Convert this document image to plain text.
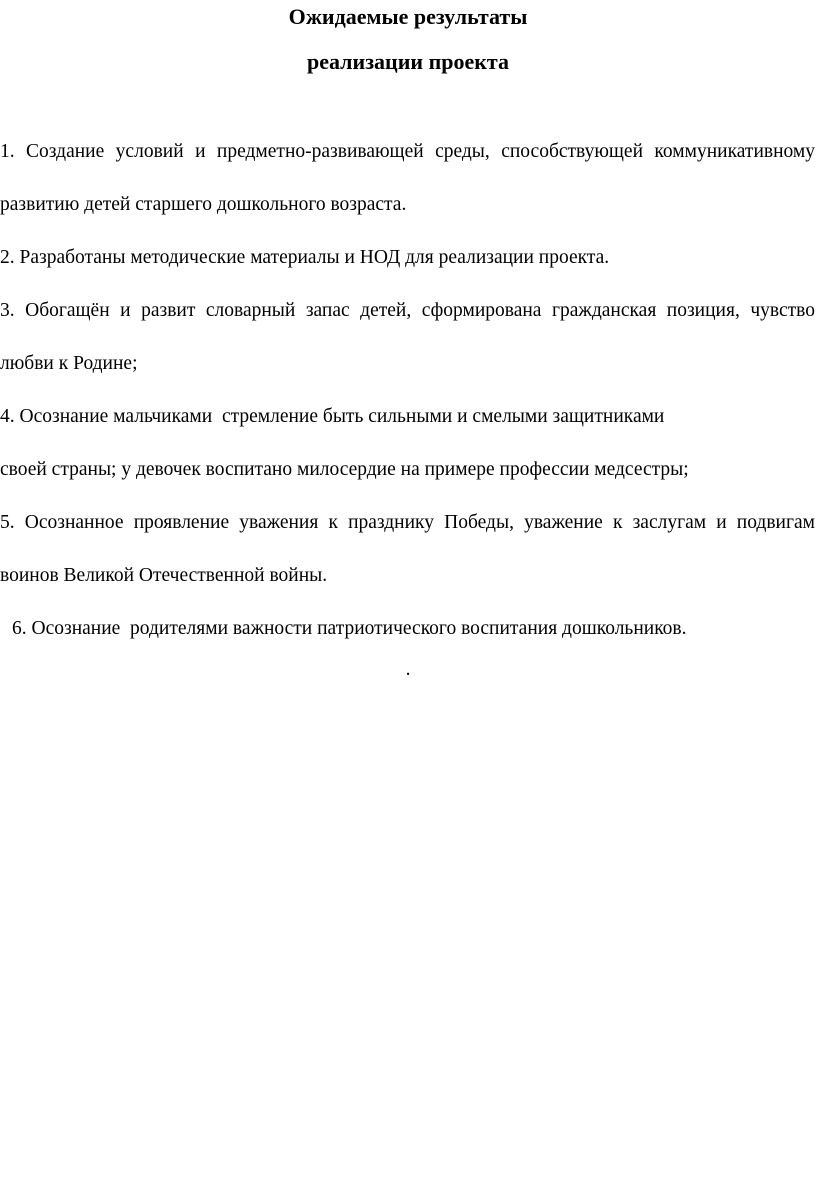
Ожидаемые результаты
реализации проекта

1. Создание условий и предметно-развивающей среды, способствующей коммуникативному развитию детей старшего дошкольного возраста.

2. Разработаны методические материалы и НОД для реализации проекта.

3. Обогащён и развит словарный запас детей, сформирована гражданская позиция, чувство любви к Родине;

4. Осознание мальчиками  стремление быть сильными и смелыми защитниками

своей страны; у девочек воспитано милосердие на примере профессии медсестры;

5. Осознанное проявление уважения к празднику Победы, уважение к заслугам и подвигам воинов Великой Отечественной войны.

6. Осознание  родителями важности патриотического воспитания дошкольников.

.
